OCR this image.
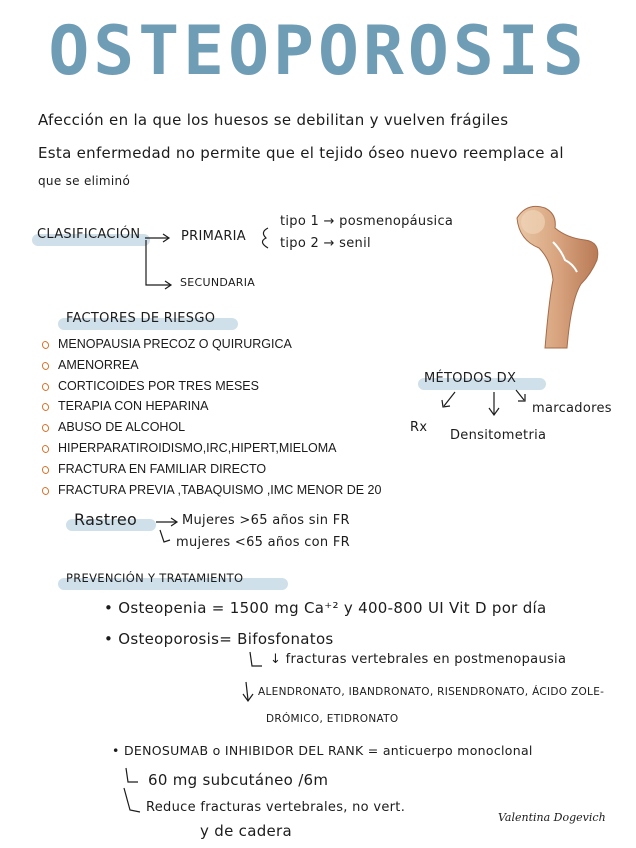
OSTEOPOROSIS
Afección en la que los huesos se debilitan y vuelven frágiles
Esta enfermedad no permite que el tejido óseo nuevo reemplace al
que se eliminó
CLASIFICACIÓN	PRIMARIA
tipo 1 → posmenopáusica
tipo 2 → senil
SECUNDARIA
FACTORES DE RIESGO
MENOPAUSIA PRECOZ O QUIRURGICA
AMENORREA
CORTICOIDES POR TRES MESES
TERAPIA CON HEPARINA
ABUSO DE ALCOHOL
HIPERPARATIROIDISMO,IRC,HIPERT,MIELOMA
FRACTURA EN FAMILIAR DIRECTO
FRACTURA PREVIA ,TABAQUISMO ,IMC MENOR DE 20
MÉTODOS DX
Rx
Densitometria
marcadores
Rastreo	Mujeres >65 años sin FR
mujeres <65 años con FR
PREVENCIÓN Y TRATAMIENTO
• Osteopenia = 1500 mg Ca⁺² y 400-800 UI Vit D por día
• Osteoporosis= Bifosfonatos
↓ fracturas vertebrales en postmenopausia
ALENDRONATO, IBANDRONATO, RISENDRONATO, ÁCIDO ZOLE-
DRÓMICO, ETIDRONATO
• DENOSUMAB o INHIBIDOR DEL RANK = anticuerpo monoclonal
60 mg subcutáneo /6m
Reduce fracturas vertebrales, no vert.
y de cadera
Valentina Dogevich
